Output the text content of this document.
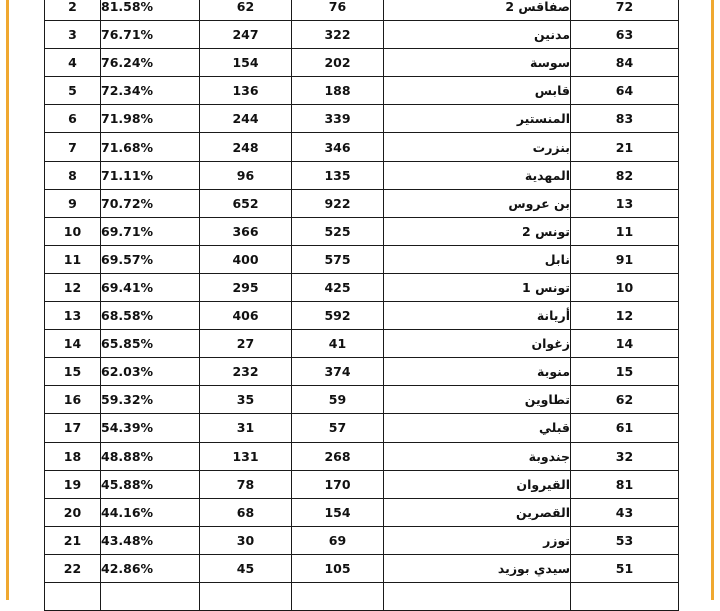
2	81.58%	62	76	صفاقس 2	72
3	76.71%	247	322	مدنين	63
4	76.24%	154	202	سوسة	84
5	72.34%	136	188	قابس	64
6	71.98%	244	339	المنستير	83
7	71.68%	248	346	بنزرت	21
8	71.11%	96	135	المهدية	82
9	70.72%	652	922	بن عروس	13
10	69.71%	366	525	تونس 2	11
11	69.57%	400	575	نابل	91
12	69.41%	295	425	تونس 1	10
13	68.58%	406	592	أريانة	12
14	65.85%	27	41	زغوان	14
15	62.03%	232	374	منوبة	15
16	59.32%	35	59	تطاوين	62
17	54.39%	31	57	قبلي	61
18	48.88%	131	268	جندوبة	32
19	45.88%	78	170	القيروان	81
20	44.16%	68	154	القصرين	43
21	43.48%	30	69	توزر	53
22	42.86%	45	105	سيدي بوزيد	51
